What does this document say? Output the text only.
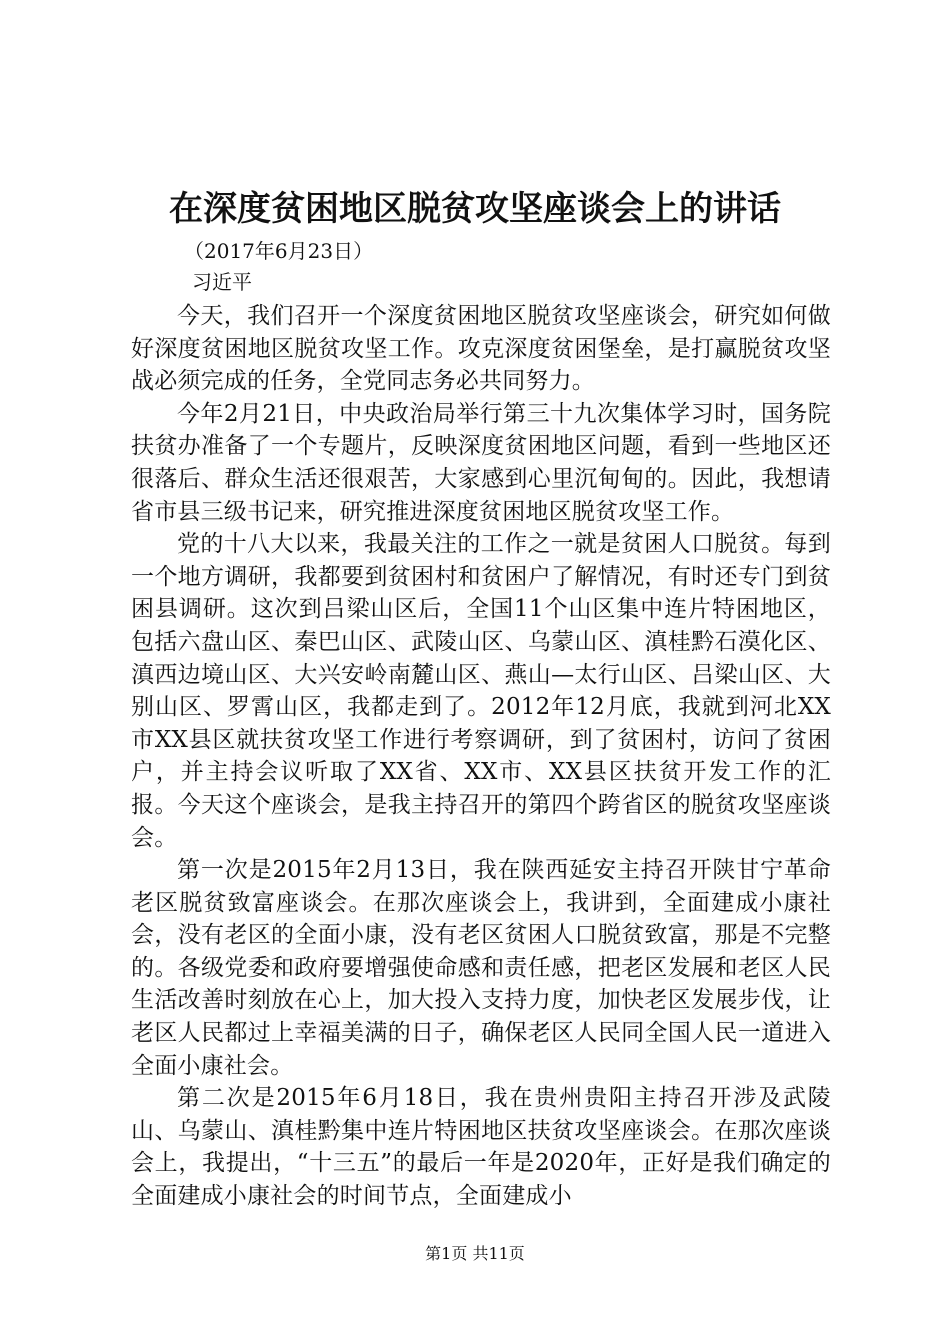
在深度贫困地区脱贫攻坚座谈会上的讲话
（2017年6月23日）
习近平

今天，我们召开一个深度贫困地区脱贫攻坚座谈会，研究如何做好深度贫困地区脱贫攻坚工作。攻克深度贫困堡垒，是打赢脱贫攻坚战必须完成的任务，全党同志务必共同努力。

今年2月21日，中央政治局举行第三十九次集体学习时，国务院扶贫办准备了一个专题片，反映深度贫困地区问题，看到一些地区还很落后、群众生活还很艰苦，大家感到心里沉甸甸的。因此，我想请省市县三级书记来，研究推进深度贫困地区脱贫攻坚工作。

党的十八大以来，我最关注的工作之一就是贫困人口脱贫。每到一个地方调研，我都要到贫困村和贫困户了解情况，有时还专门到贫困县调研。这次到吕梁山区后，全国11个山区集中连片特困地区，包括六盘山区、秦巴山区、武陵山区、乌蒙山区、滇桂黔石漠化区、滇西边境山区、大兴安岭南麓山区、燕山—太行山区、吕梁山区、大别山区、罗霄山区，我都走到了。2012年12月底，我就到河北XX市XX县区就扶贫攻坚工作进行考察调研，到了贫困村，访问了贫困户，并主持会议听取了XX省、XX市、XX县区扶贫开发工作的汇报。今天这个座谈会，是我主持召开的第四个跨省区的脱贫攻坚座谈会。

第一次是2015年2月13日，我在陕西延安主持召开陕甘宁革命老区脱贫致富座谈会。在那次座谈会上，我讲到，全面建成小康社会，没有老区的全面小康，没有老区贫困人口脱贫致富，那是不完整的。各级党委和政府要增强使命感和责任感，把老区发展和老区人民生活改善时刻放在心上，加大投入支持力度，加快老区发展步伐，让老区人民都过上幸福美满的日子，确保老区人民同全国人民一道进入全面小康社会。

第二次是2015年6月18日，我在贵州贵阳主持召开涉及武陵山、乌蒙山、滇桂黔集中连片特困地区扶贫攻坚座谈会。在那次座谈会上，我提出，“十三五”的最后一年是2020年，正好是我们确定的全面建成小康社会的时间节点，全面建成小

第1页 共11页
